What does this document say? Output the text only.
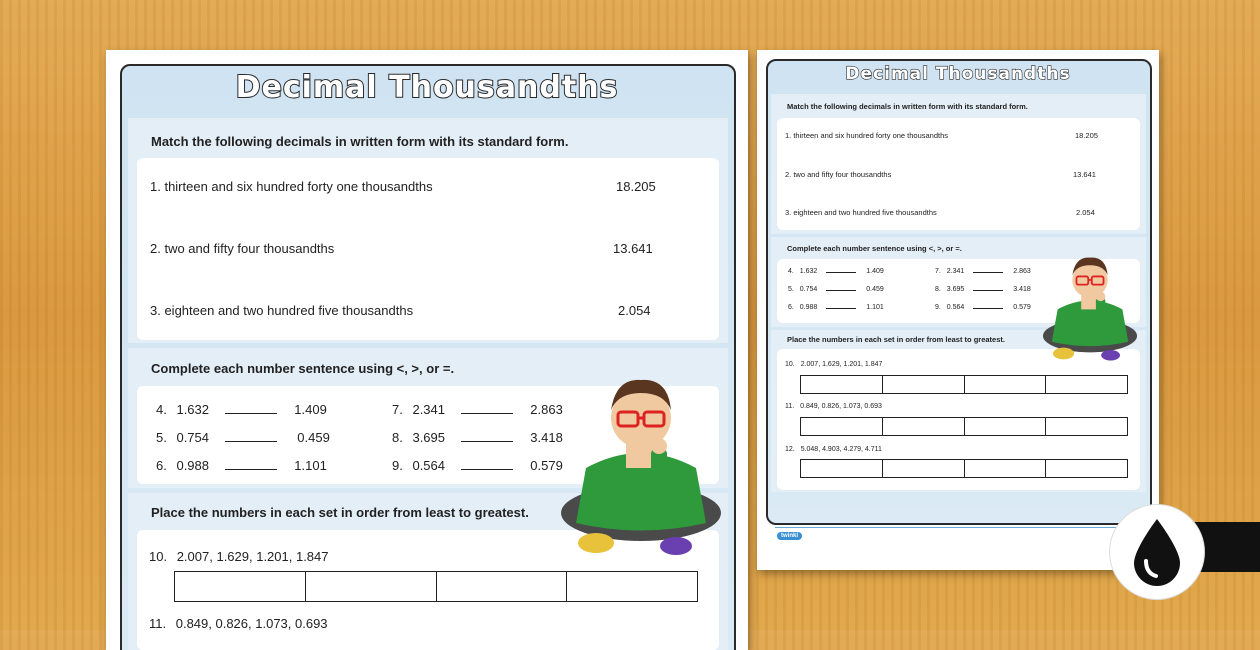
Decimal Thousandths
Match the following decimals in written form with its standard form.
1. thirteen and six hundred forty one thousandths	18.205
2. two and fifty four thousandths	13.641
3. eighteen and two hundred five thousandths	2.054
Complete each number sentence using <, >, or =.
4. 1.632	1.409
5. 0.754	0.459
6. 0.988	1.101
7. 2.341	2.863
8. 3.695	3.418
9. 0.564	0.579
Place the numbers in each set in order from least to greatest.
10. 2.007, 1.629, 1.201, 1.847
11. 0.849, 0.826, 1.073, 0.693
Decimal Thousandths
Match the following decimals in written form with its standard form.
1. thirteen and six hundred forty one thousandths	18.205
2. two and fifty four thousandths	13.641
3. eighteen and two hundred five thousandths	2.054
Complete each number sentence using <, >, or =.
4. 1.632	1.409
5. 0.754	0.459
6. 0.988	1.101
7. 2.341	2.863
8. 3.695	3.418
9. 0.564	0.579
Place the numbers in each set in order from least to greatest.
10. 2.007, 1.629, 1.201, 1.847
11. 0.849, 0.826, 1.073, 0.693
12. 5.048, 4.903, 4.279, 4.711
twinkl
